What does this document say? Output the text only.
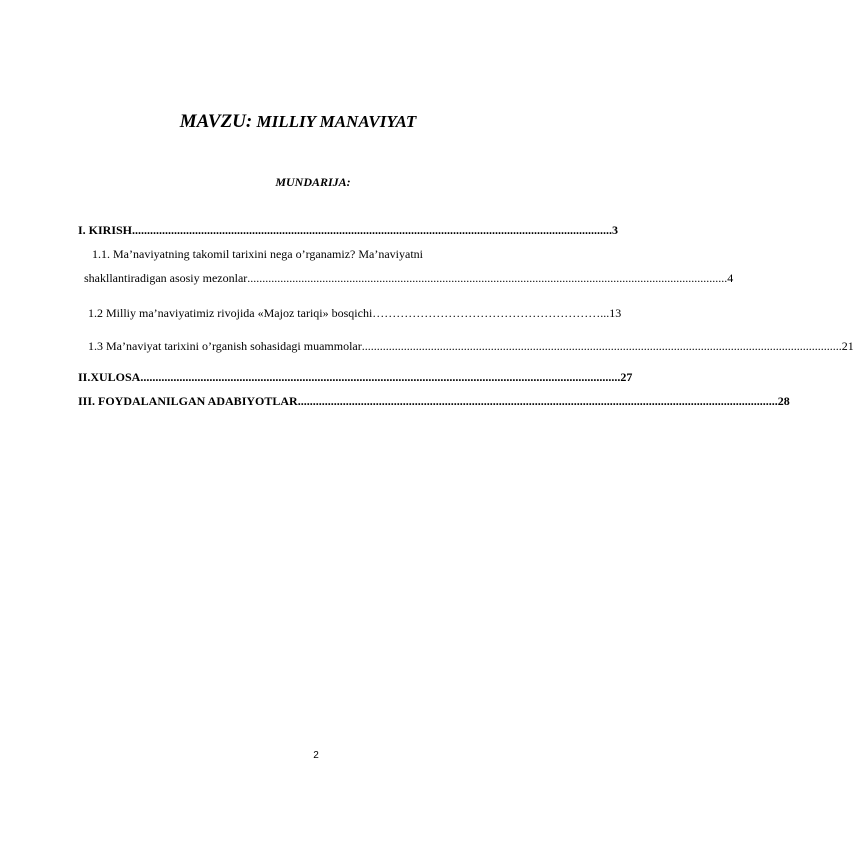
MAVZU: MILLIY MANAVIYAT
MUNDARIJA:
I. KIRISH ................................................................................................................................................................ 3
1.1. Ma’naviyatning takomil tarixini nega o’rganamiz? Ma’naviyatni
shakllantiradigan asosiy mezonlar ................................................................................................................................................................ 4
1.2 Milliy ma’naviyatimiz rivojida «Majoz tariqi» bosqichi ………………………………………………… ...13
1.3 Ma’naviyat tarixini o’rganish sohasidagi muammolar ................................................................................................................................................................ 21
II.XULOSA ................................................................................................................................................................ 27
III. FOYDALANILGAN ADABIYOTLAR ................................................................................................................................................................ 28
2
